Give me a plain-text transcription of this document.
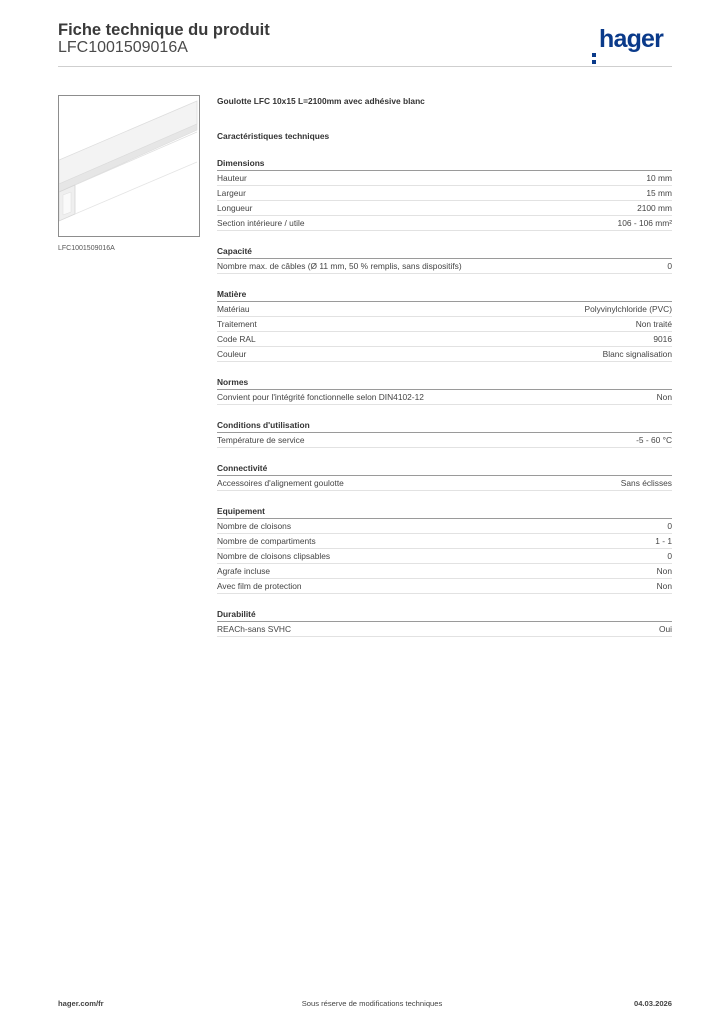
Fiche technique du produit
LFC1001509016A	hager
LFC1001509016A
Goulotte LFC 10x15 L=2100mm avec adhésive blanc
Caractéristiques techniques
Dimensions
Hauteur	10 mm
Largeur	15 mm
Longueur	2100 mm
Section intérieure / utile	106 - 106 mm²
Capacité
Nombre max. de câbles (Ø 11 mm, 50 % remplis, sans dispositifs)	0
Matière
Matériau	Polyvinylchloride (PVC)
Traitement	Non traité
Code RAL	9016
Couleur	Blanc signalisation
Normes
Convient pour l'intégrité fonctionnelle selon DIN4102-12	Non
Conditions d'utilisation
Température de service	-5 - 60 °C
Connectivité
Accessoires d'alignement goulotte	Sans éclisses
Equipement
Nombre de cloisons	0
Nombre de compartiments	1 - 1
Nombre de cloisons clipsables	0
Agrafe incluse	Non
Avec film de protection	Non
Durabilité
REACh-sans SVHC	Oui
hager.com/fr	Sous réserve de modifications techniques	04.03.2026
